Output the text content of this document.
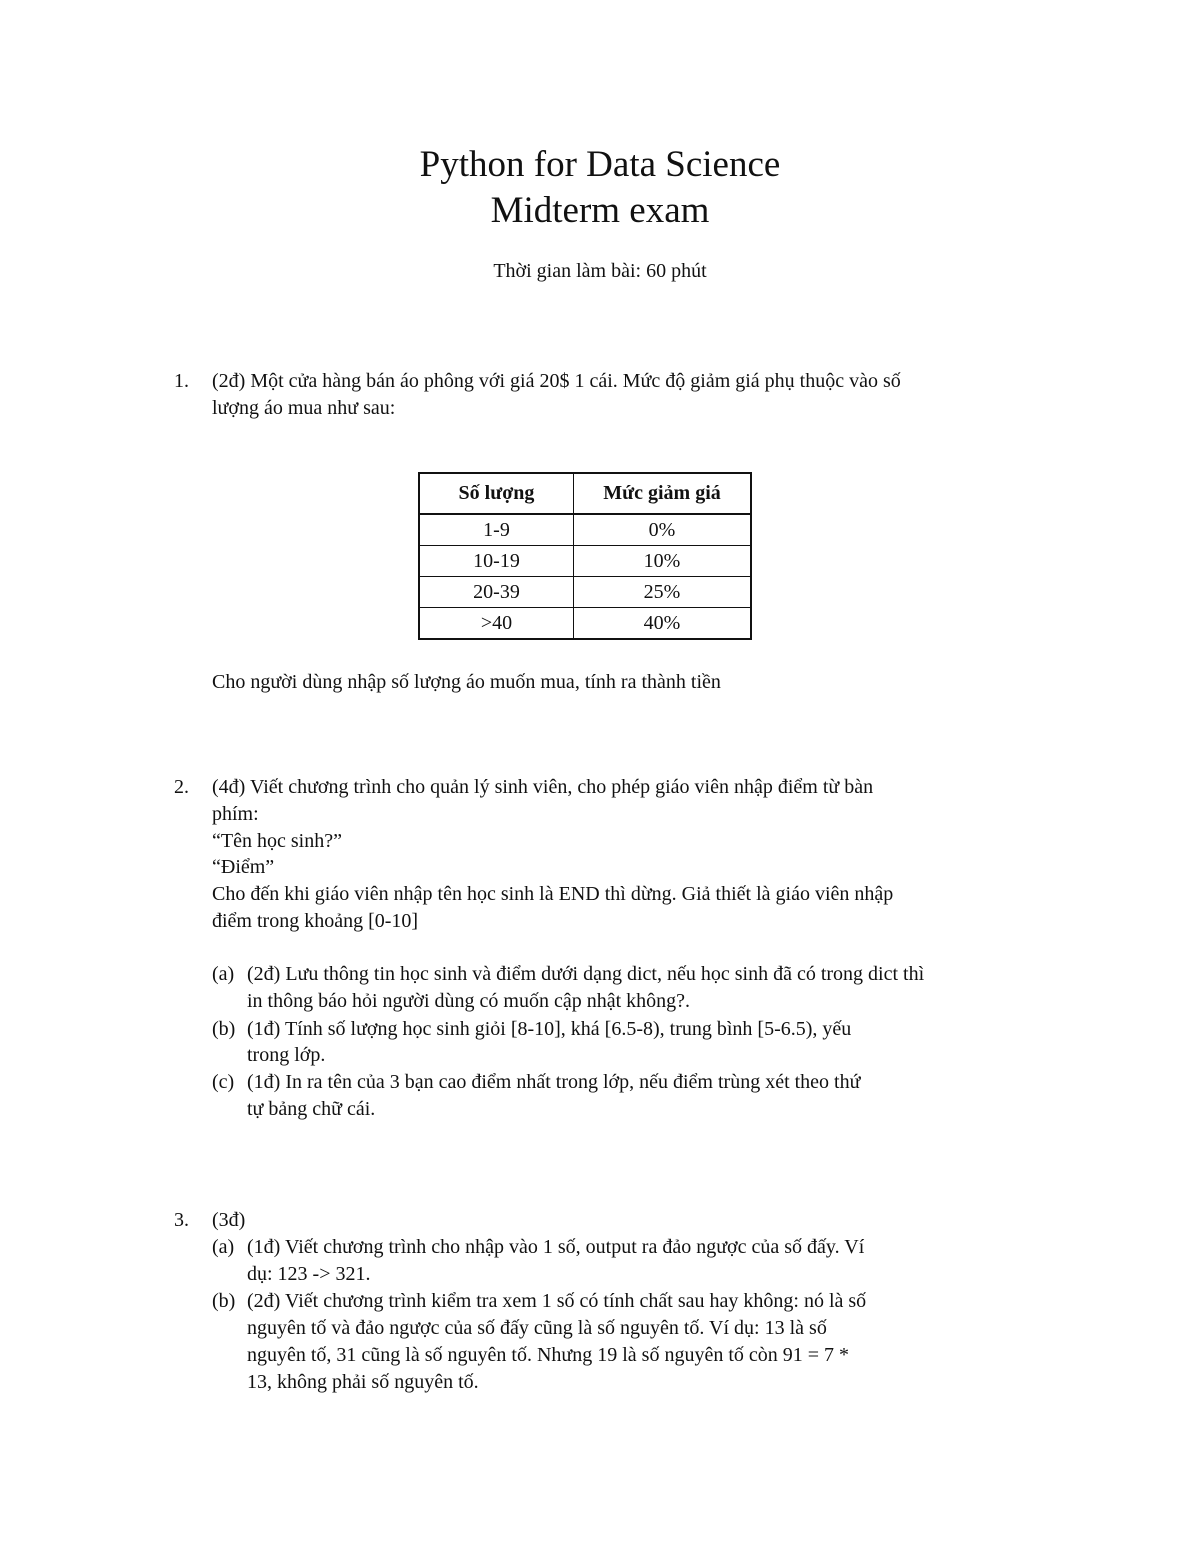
Python for Data Science
Midterm exam
Thời gian làm bài: 60 phút
1. (2đ) Một cửa hàng bán áo phông với giá 20$ 1 cái. Mức độ giảm giá phụ thuộc vào số
lượng áo mua như sau:
Số lượng	Mức giảm giá
1-9	0%
10-19	10%
20-39	25%
>40	40%
Cho người dùng nhập số lượng áo muốn mua, tính ra thành tiền
2. (4đ) Viết chương trình cho quản lý sinh viên, cho phép giáo viên nhập điểm từ bàn
phím:
“Tên học sinh?”
“Điểm”
Cho đến khi giáo viên nhập tên học sinh là END thì dừng. Giả thiết là giáo viên nhập
điểm trong khoảng [0-10]
(a) (2đ) Lưu thông tin học sinh và điểm dưới dạng dict, nếu học sinh đã có trong dict thì
in thông báo hỏi người dùng có muốn cập nhật không?.
(b) (1đ) Tính số lượng học sinh giỏi [8-10], khá [6.5-8), trung bình [5-6.5), yếu
trong lớp.
(c) (1đ) In ra tên của 3 bạn cao điểm nhất trong lớp, nếu điểm trùng xét theo thứ
tự bảng chữ cái.
3. (3đ)
(a) (1đ) Viết chương trình cho nhập vào 1 số, output ra đảo ngược của số đấy. Ví
dụ: 123 -> 321.
(b) (2đ) Viết chương trình kiểm tra xem 1 số có tính chất sau hay không: nó là số
nguyên tố và đảo ngược của số đấy cũng là số nguyên tố. Ví dụ: 13 là số
nguyên tố, 31 cũng là số nguyên tố. Nhưng 19 là số nguyên tố còn 91 = 7 *
13, không phải số nguyên tố.
